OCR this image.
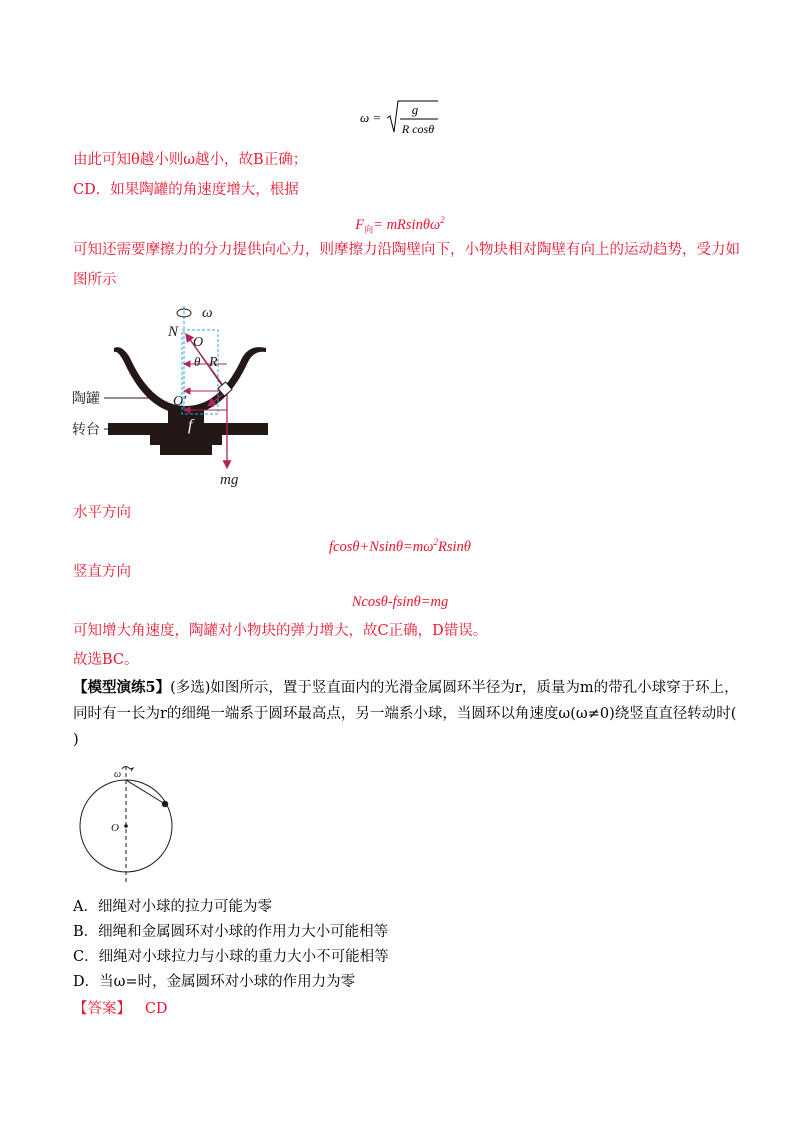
ω =
g
R cosθ
由此可知θ越小则ω越小，故B正确；
CD．如果陶罐的角速度增大，根据
$F_向= mRsin\theta\omega^2$
可知还需要摩擦力的分力提供向心力，则摩擦力沿陶壁向下，小物块相对陶壁有向上的运动趋势，受力如
图所示
ω
N
O
θ R
O′
f
mg
陶罐
转台
水平方向
$fcos\theta+Nsin\theta=m\omega^2Rsin\theta$
竖直方向
Ncosθ-fsinθ=mg
可知增大角速度，陶罐对小物块的弹力增大，故C正确，D错误。
故选BC。
【模型演练5】(多选)如图所示，置于竖直面内的光滑金属圆环半径为r，质量为m的带孔小球穿于环上，
同时有一长为r的细绳一端系于圆环最高点，另一端系小球，当圆环以角速度ω(ω≠0)绕竖直直径转动时(
)
ω
O
A．细绳对小球的拉力可能为零
B．细绳和金属圆环对小球的作用力大小可能相等
C．细绳对小球拉力与小球的重力大小不可能相等
D．当ω=时，金属圆环对小球的作用力为零
【答案】 CD
